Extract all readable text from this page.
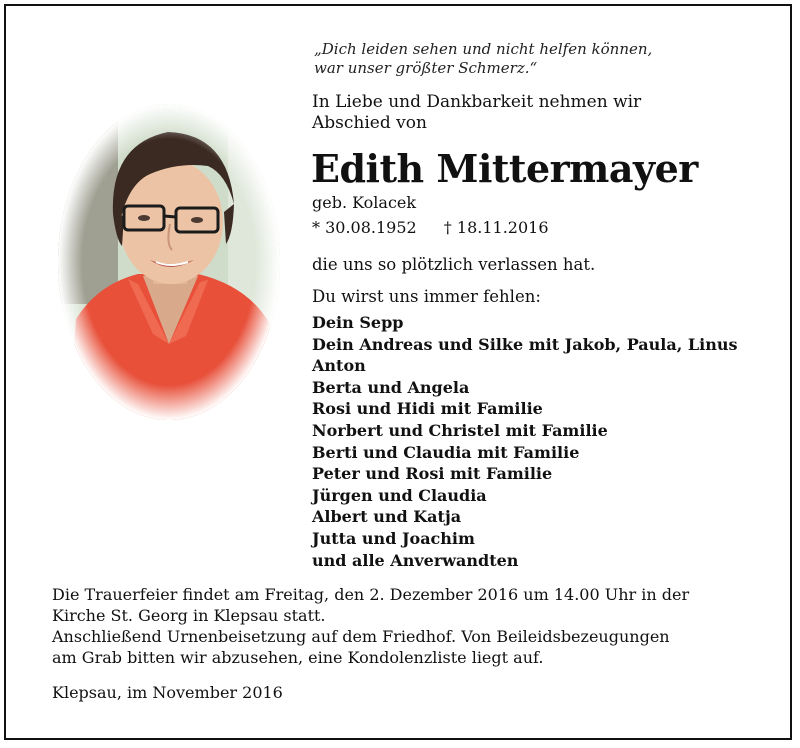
„Dich leiden sehen und nicht helfen können,
war unser größter Schmerz.“
In Liebe und Dankbarkeit nehmen wir
Abschied von
Edith Mittermayer
geb. Kolacek
* 30.08.1952 † 18.11.2016
die uns so plötzlich verlassen hat.
Du wirst uns immer fehlen:
Dein Sepp
Dein Andreas und Silke mit Jakob, Paula, Linus
Anton
Berta und Angela
Rosi und Hidi mit Familie
Norbert und Christel mit Familie
Berti und Claudia mit Familie
Peter und Rosi mit Familie
Jürgen und Claudia
Albert und Katja
Jutta und Joachim
und alle Anverwandten
Die Trauerfeier findet am Freitag, den 2. Dezember 2016 um 14.00 Uhr in der
Kirche St. Georg in Klepsau statt.
Anschließend Urnenbeisetzung auf dem Friedhof. Von Beileidsbezeugungen
am Grab bitten wir abzusehen, eine Kondolenzliste liegt auf.
Klepsau, im November 2016
